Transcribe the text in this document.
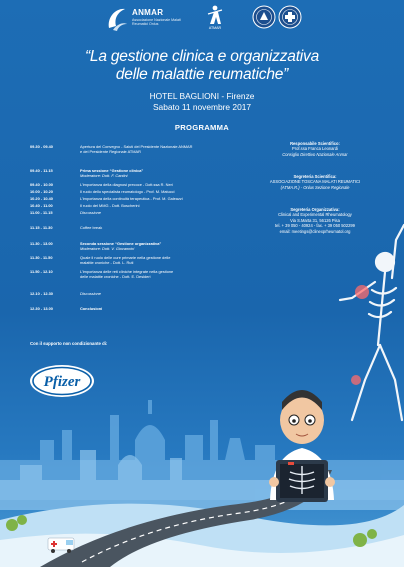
ANMAR
Associazione Nazionale Malati Reumatici Onlus
ATMAR
“La gestione clinica e organizzativa
delle malattie reumatiche”
HOTEL BAGLIONI - Firenze
Sabato 11 novembre 2017
PROGRAMMA
09.30 - 09.40	Apertura del Convegno - Saluti del Presidente Nazionale ANMAR
e del Presidente Regionale ATMAR
09.40 - 11.15	Prima sessione “Gestione clinica”
Moderatore: Dott. F. Cantini
09.40 - 10.00	L’importanza della diagnosi precoce - Dott.ssa R. Neri
10.00 - 10.20	Il ruolo dello specialista reumatologo - Prof. M. Matucci
10.20 - 10.40	L’importanza della continuità terapeutica - Prof. M. Galeazzi
10.40 - 11.00	Il ruolo del MMG - Dott. Boscherini
11.00 - 11.15	Discussione
11.15 - 11.30	Coffee break
11.30 - 13.00	Seconda sessione “Gestione organizzativa”
Moderatore: Dott. V. Giovannini
11.30 - 11.50	Quale il ruolo delle cure primarie nella gestione delle
malattie croniche - Dott. L. Ruti
11.50 - 12.10	L’importanza delle reti cliniche integrate nella gestione
delle malattie croniche - Dott. E. Desideri
12.10 - 12.30	Discussione
12.30 - 13.00	Conclusioni
Responsabile Scientifico:
Prof.ssa Franca Leonardi
Consiglio Direttivo Nazionale Anmar
Segreteria Scientifica:
ASSOCIAZIONE TOSCANA MALATI REUMATICI
(ATMA.R.) - Onlus Sezione Regionale
Segreteria Organizzativa:
Clinical and Experimental Rheumatology
Via S.Marta 31, 56126 Pisa
tel. + 39 050 - 40924 - fax. + 39 050 502299
email: meetings@clinexprheumatol.org
Con il supporto non condizionante di:
Pfizer
